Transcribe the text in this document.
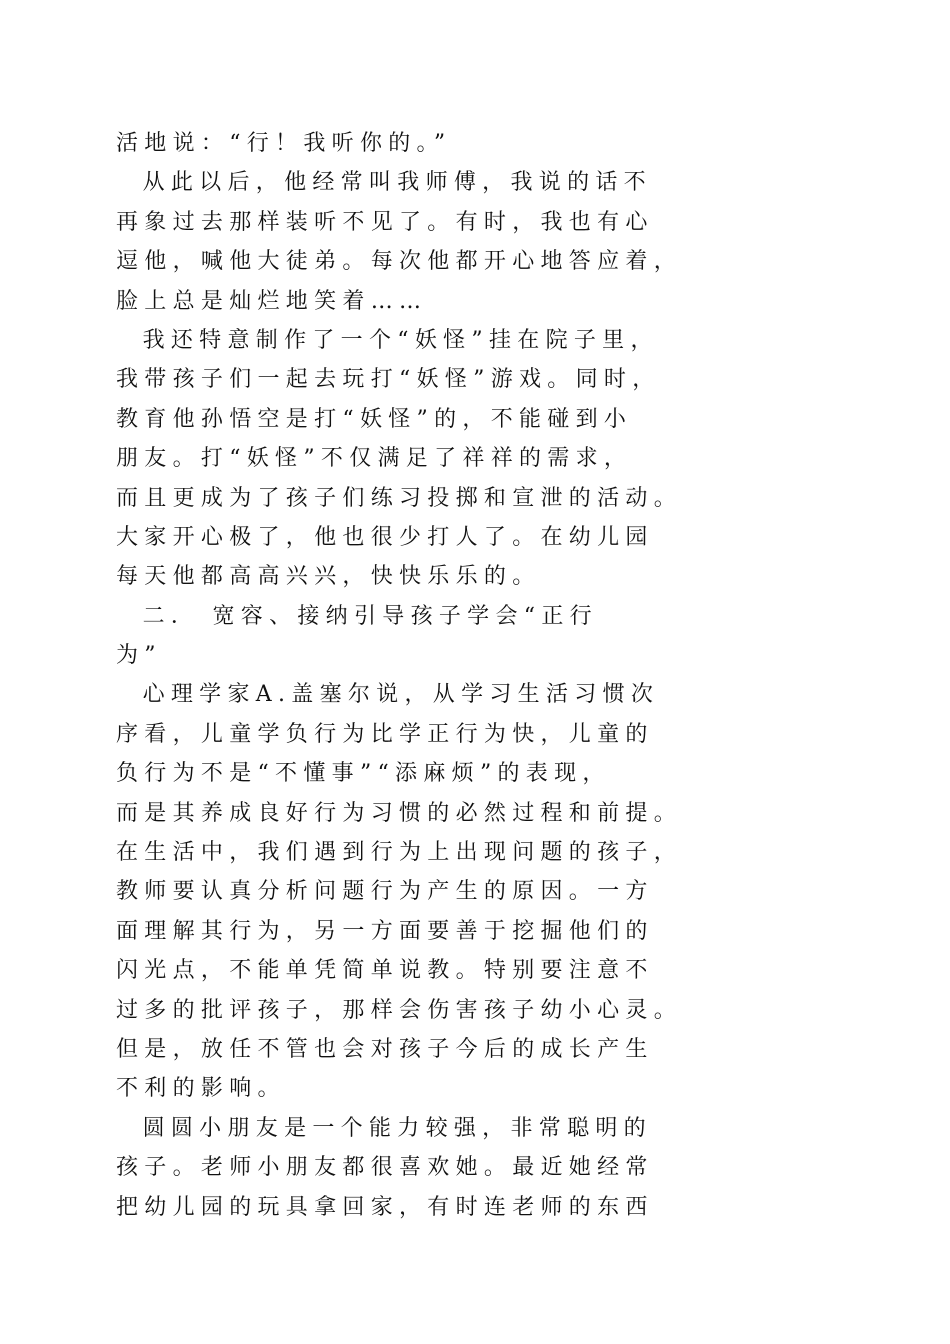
活地说：“行！我听你的。”
从此以后，他经常叫我师傅，我说的话不
再象过去那样装听不见了。有时，我也有心
逗他，喊他大徒弟。每次他都开心地答应着，
脸上总是灿烂地笑着……
我还特意制作了一个“妖怪”挂在院子里，
我带孩子们一起去玩打“妖怪”游戏。同时，
教育他孙悟空是打“妖怪”的，不能碰到小
朋友。打“妖怪”不仅满足了祥祥的需求，
而且更成为了孩子们练习投掷和宣泄的活动。
大家开心极了，他也很少打人了。在幼儿园
每天他都高高兴兴，快快乐乐的。
二． 宽容、接纳引导孩子学会“正行
为”
心理学家A.盖塞尔说，从学习生活习惯次
序看，儿童学负行为比学正行为快，儿童的
负行为不是“不懂事”“添麻烦”的表现，
而是其养成良好行为习惯的必然过程和前提。
在生活中，我们遇到行为上出现问题的孩子，
教师要认真分析问题行为产生的原因。一方
面理解其行为，另一方面要善于挖掘他们的
闪光点，不能单凭简单说教。特别要注意不
过多的批评孩子，那样会伤害孩子幼小心灵。
但是，放任不管也会对孩子今后的成长产生
不利的影响。
圆圆小朋友是一个能力较强，非常聪明的
孩子。老师小朋友都很喜欢她。最近她经常
把幼儿园的玩具拿回家，有时连老师的东西
